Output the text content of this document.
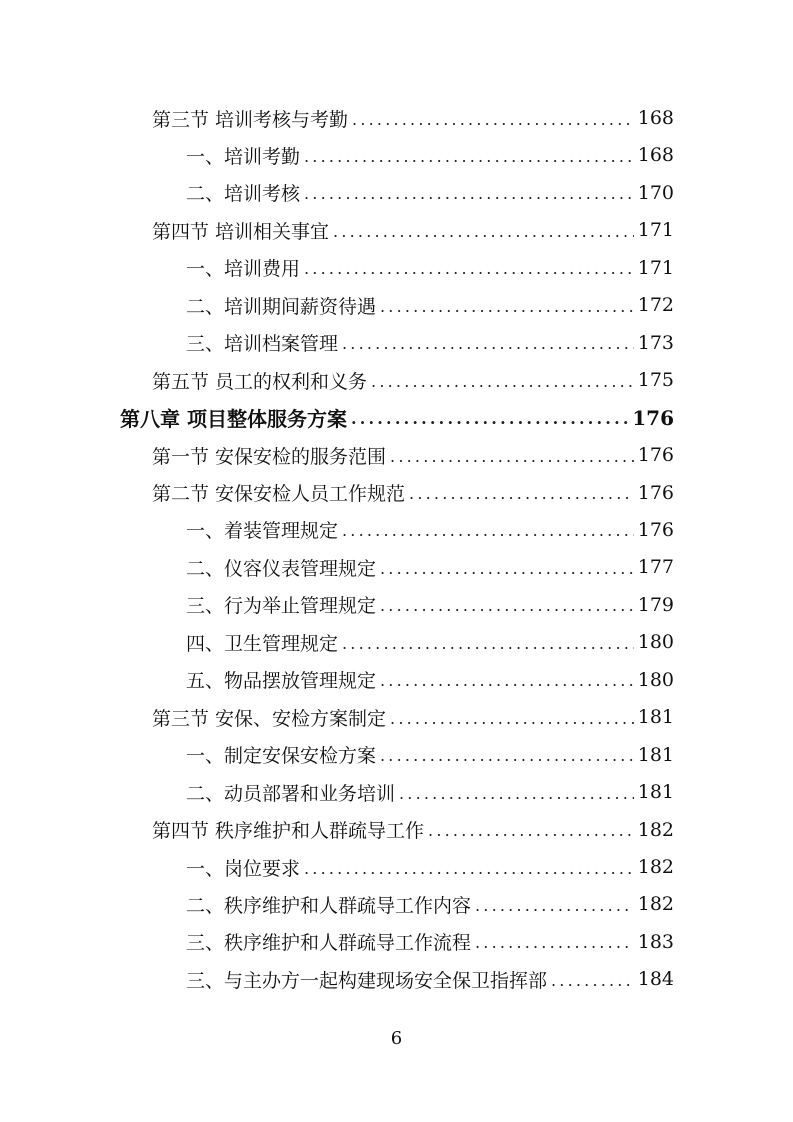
第三节 培训考核与考勤 .....	168
一、培训考勤 .....	168
二、培训考核 .....	170
第四节 培训相关事宜 .....	171
一、培训费用 .....	171
二、培训期间薪资待遇 .....	172
三、培训档案管理 .....	173
第五节 员工的权利和义务 .....	175
第八章 项目整体服务方案 .....	176
第一节 安保安检的服务范围 .....	176
第二节 安保安检人员工作规范 .....	176
一、着装管理规定 .....	176
二、仪容仪表管理规定 .....	177
三、行为举止管理规定 .....	179
四、卫生管理规定 .....	180
五、物品摆放管理规定 .....	180
第三节 安保、安检方案制定 .....	181
一、制定安保安检方案 .....	181
二、动员部署和业务培训 .....	181
第四节 秩序维护和人群疏导工作 .....	182
一、岗位要求 .....	182
二、秩序维护和人群疏导工作内容 .....	182
三、秩序维护和人群疏导工作流程 .....	183
三、与主办方一起构建现场安全保卫指挥部 .....	184
6
